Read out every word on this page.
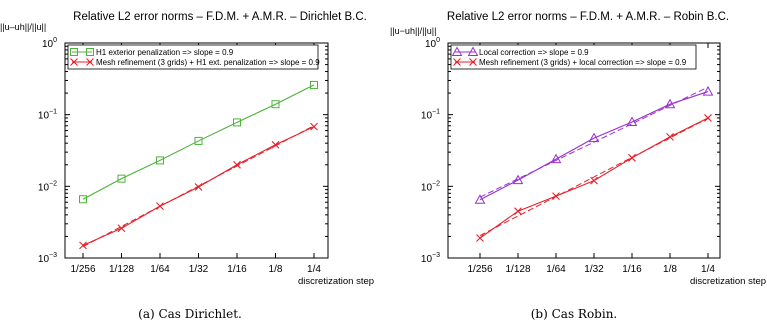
Relative L2 error norms – F.D.M. + A.M.R. – Dirichlet B.C.
||u–uh||/||u||
$10^0$
$10^{-1}$
$10^{-2}$
$10^{-3}$
1/256 1/128 1/64 1/32 1/16 1/8 1/4
discretization step
H1 exterior penalization => slope = 0.9
Mesh refinement (3 grids) + H1 ext. penalization => slope = 0.9
Relative L2 error norms – F.D.M. + A.M.R. – Robin B.C.
||u−uh||/||u||
$10^0$
$10^{-1}$
$10^{-2}$
$10^{-3}$
1/256 1/128 1/64 1/32 1/16 1/8 1/4
discretization step
Local correction => slope = 0.9
Mesh refinement (3 grids) + local correction => slope = 0.9
(a) Cas Dirichlet.	(b) Cas Robin.
